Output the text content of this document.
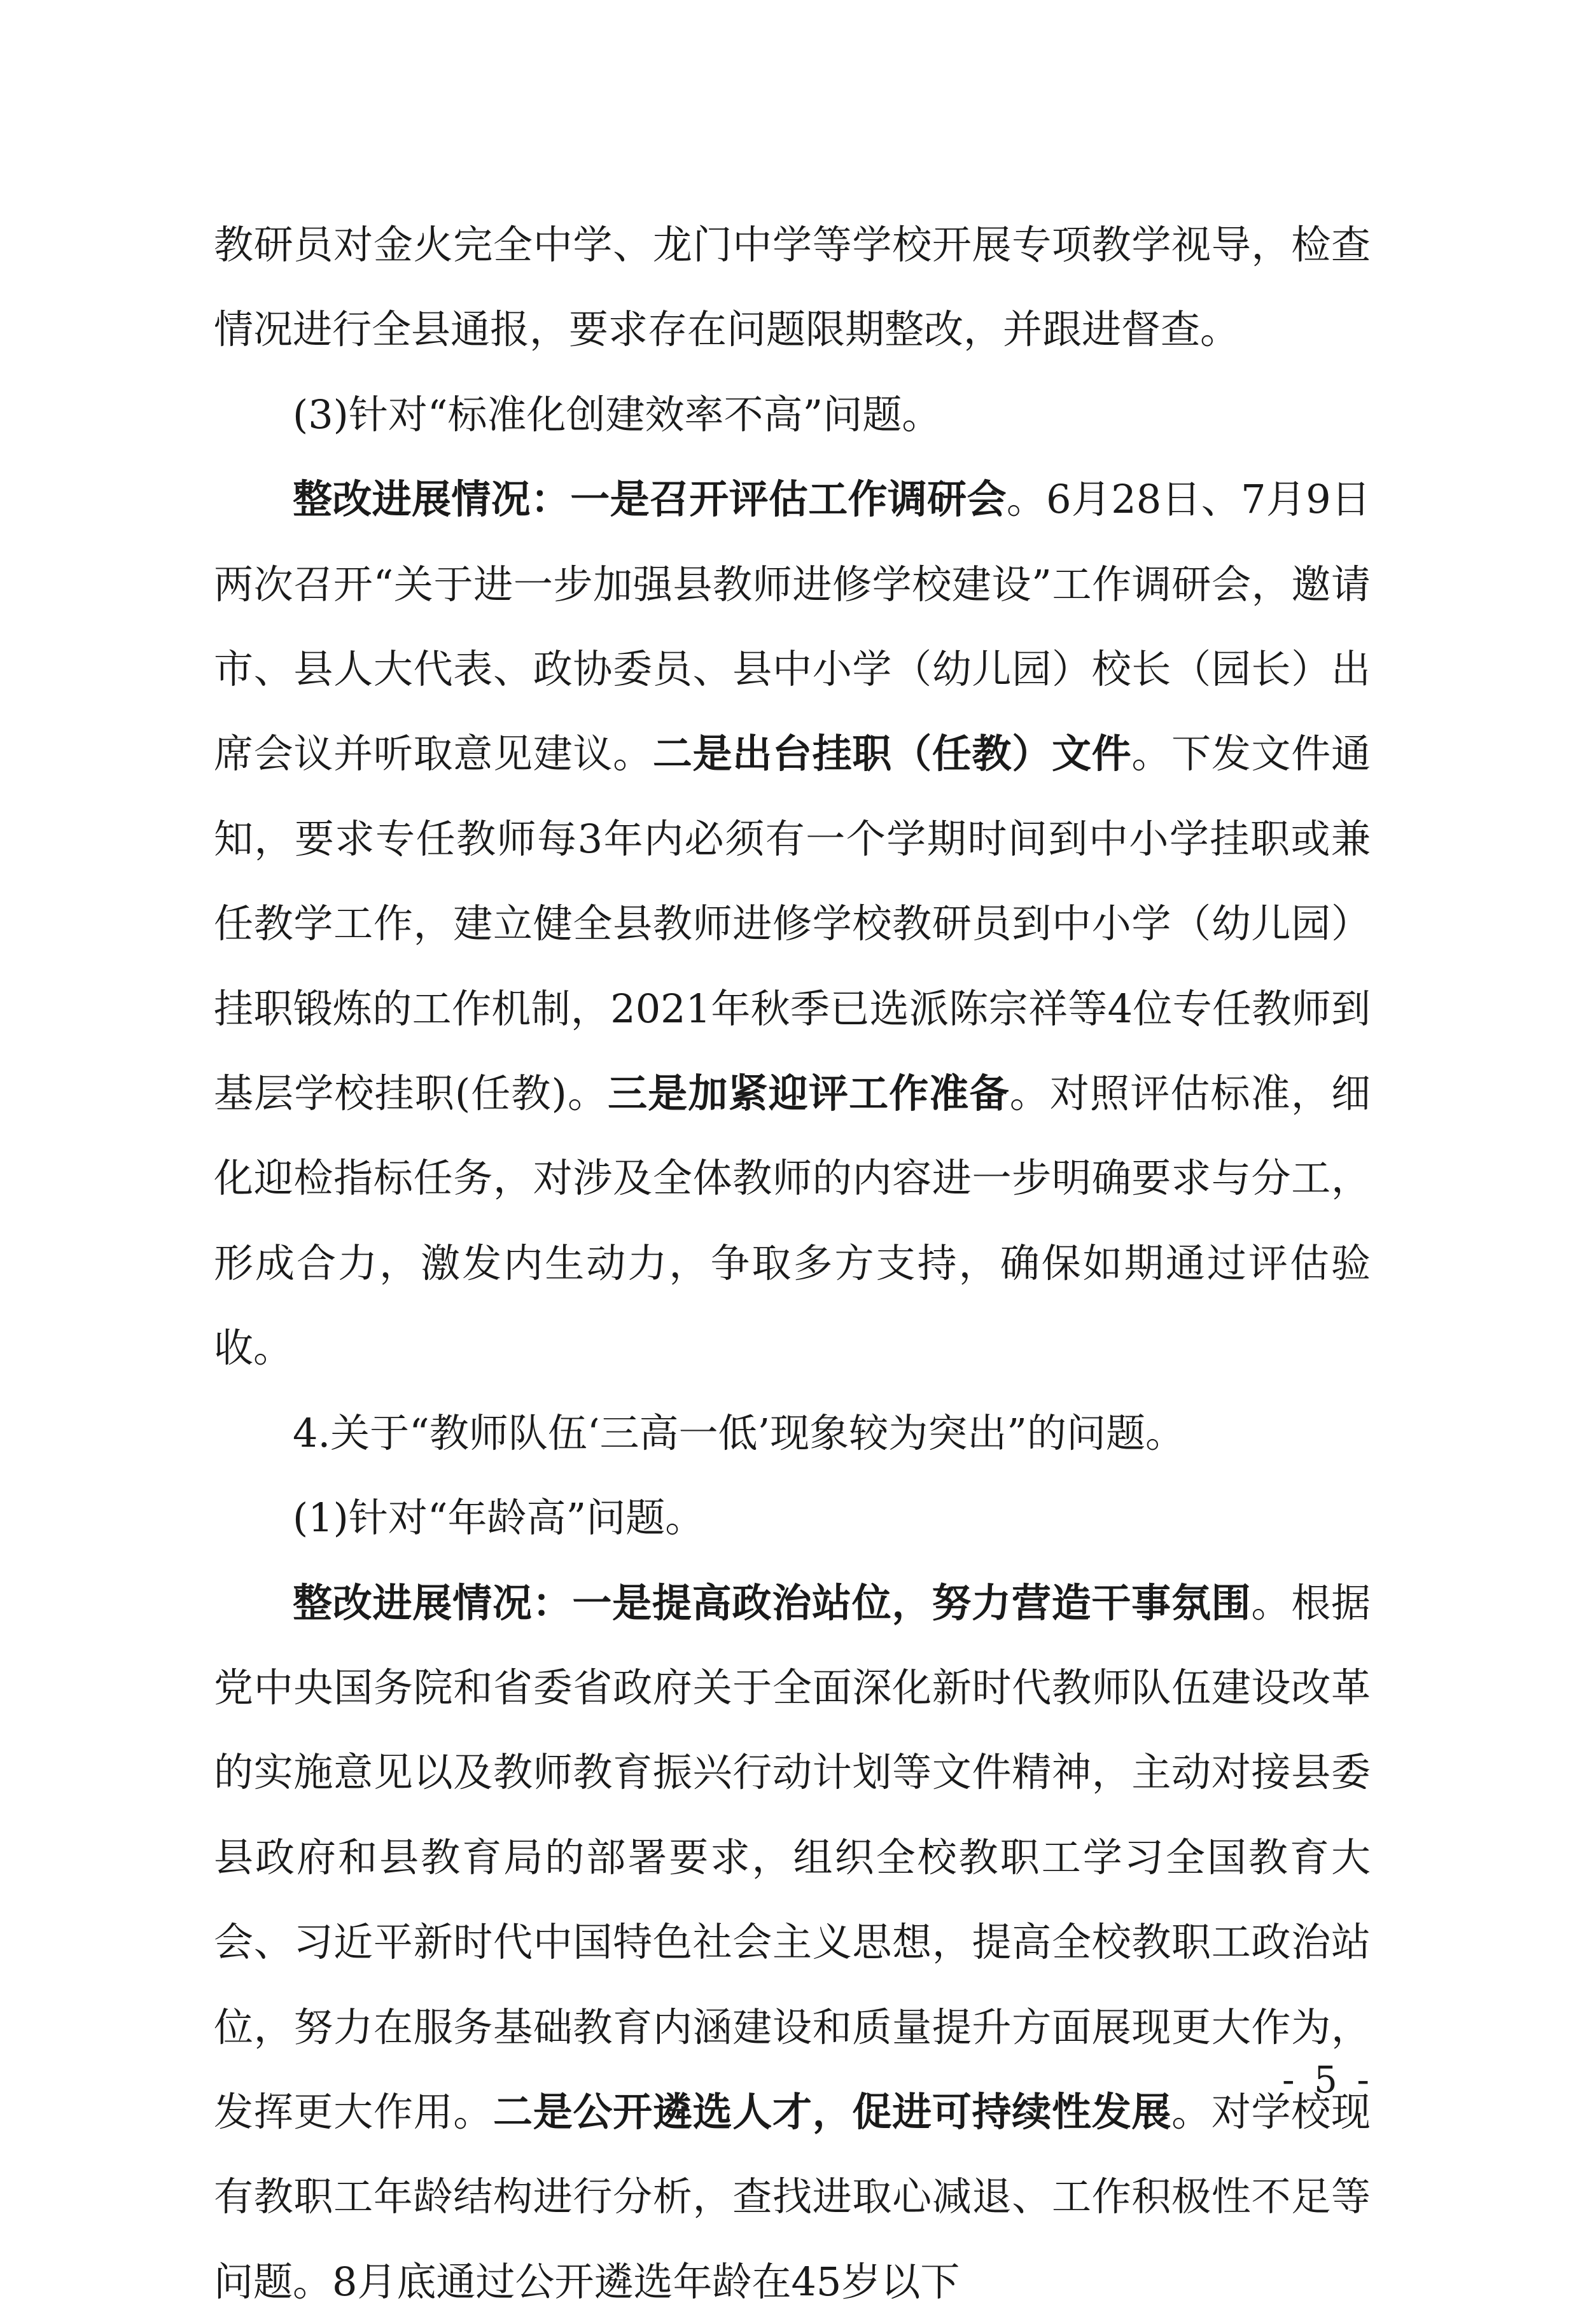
教研员对金火完全中学、龙门中学等学校开展专项教学视导，检查情况进行全县通报，要求存在问题限期整改，并跟进督查。

(3)针对“标准化创建效率不高”问题。

整改进展情况：一是召开评估工作调研会。6月28日、7月9日两次召开“关于进一步加强县教师进修学校建设”工作调研会，邀请市、县人大代表、政协委员、县中小学（幼儿园）校长（园长）出席会议并听取意见建议。二是出台挂职（任教）文件。下发文件通知，要求专任教师每3年内必须有一个学期时间到中小学挂职或兼任教学工作，建立健全县教师进修学校教研员到中小学（幼儿园）挂职锻炼的工作机制，2021年秋季已选派陈宗祥等4位专任教师到基层学校挂职(任教)。三是加紧迎评工作准备。对照评估标准，细化迎检指标任务，对涉及全体教师的内容进一步明确要求与分工，形成合力，激发内生动力，争取多方支持，确保如期通过评估验收。

4.关于“教师队伍‘三高一低’现象较为突出”的问题。

(1)针对“年龄高”问题。

整改进展情况：一是提高政治站位，努力营造干事氛围。根据党中央国务院和省委省政府关于全面深化新时代教师队伍建设改革的实施意见以及教师教育振兴行动计划等文件精神，主动对接县委县政府和县教育局的部署要求，组织全校教职工学习全国教育大会、习近平新时代中国特色社会主义思想，提高全校教职工政治站位，努力在服务基础教育内涵建设和质量提升方面展现更大作为，发挥更大作用。二是公开遴选人才，促进可持续性发展。对学校现有教职工年龄结构进行分析，查找进取心减退、工作积极性不足等问题。8月底通过公开遴选年龄在45岁以下

- 5 -
